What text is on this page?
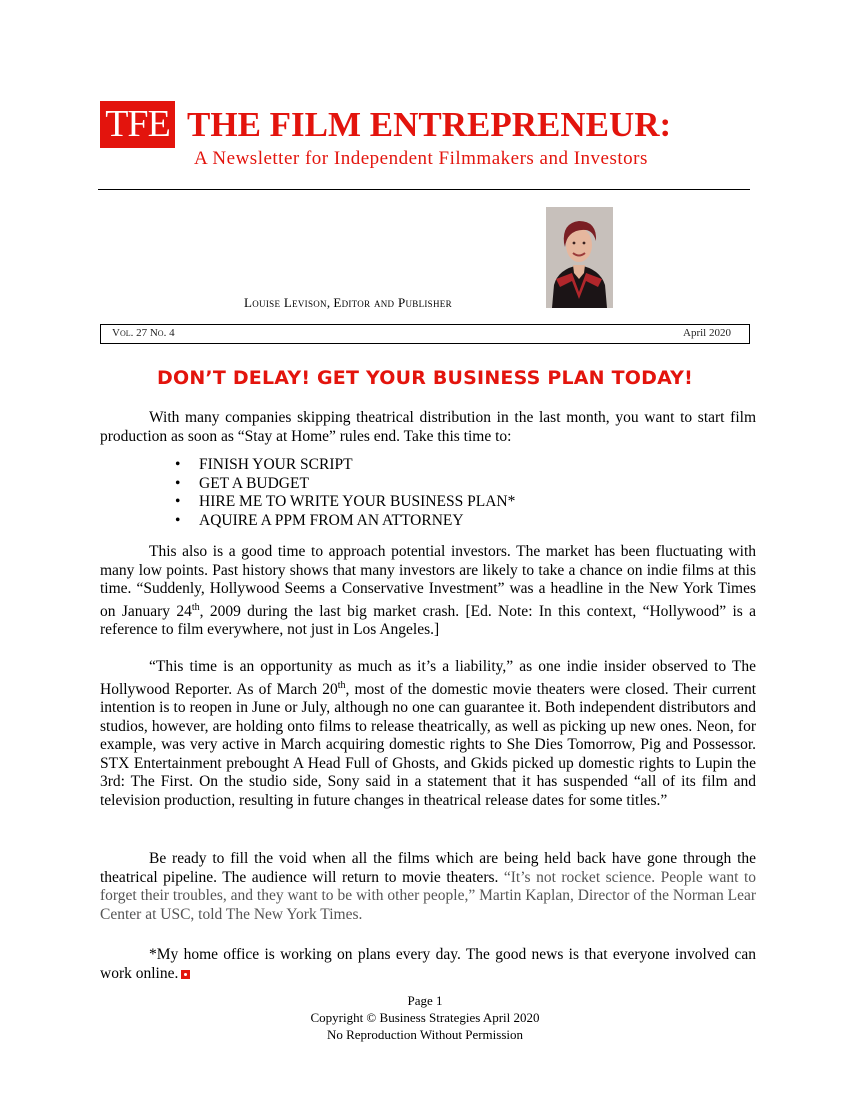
TFE THE FILM ENTREPRENEUR:
A Newsletter for Independent Filmmakers and Investors
Louise Levison, Editor and Publisher
Vol. 27 No. 4	April 2020
DON’T DELAY! GET YOUR BUSINESS PLAN TODAY!

With many companies skipping theatrical distribution in the last month, you want to start film production as soon as “Stay at Home” rules end. Take this time to:

• FINISH YOUR SCRIPT
• GET A BUDGET
• HIRE ME TO WRITE YOUR BUSINESS PLAN*
• AQUIRE A PPM FROM AN ATTORNEY

This also is a good time to approach potential investors. The market has been fluctuating with many low points. Past history shows that many investors are likely to take a chance on indie films at this time. “Suddenly, Hollywood Seems a Conservative Investment” was a headline in the New York Times on January 24th, 2009 during the last big market crash. [Ed. Note: In this context, “Hollywood” is a reference to film everywhere, not just in Los Angeles.]

“This time is an opportunity as much as it’s a liability,” as one indie insider observed to The Hollywood Reporter. As of March 20th, most of the domestic movie theaters were closed. Their current intention is to reopen in June or July, although no one can guarantee it. Both independent distributors and studios, however, are holding onto films to release theatrically, as well as picking up new ones. Neon, for example, was very active in March acquiring domestic rights to She Dies Tomorrow, Pig and Possessor. STX Entertainment prebought A Head Full of Ghosts, and Gkids picked up domestic rights to Lupin the 3rd: The First. On the studio side, Sony said in a statement that it has suspended “all of its film and television production, resulting in future changes in theatrical release dates for some titles.”

Be ready to fill the void when all the films which are being held back have gone through the theatrical pipeline. The audience will return to movie theaters. “It’s not rocket science. People want to forget their troubles, and they want to be with other people,” Martin Kaplan, Director of the Norman Lear Center at USC, told The New York Times.

*My home office is working on plans every day. The good news is that everyone involved can work online.

Page 1
Copyright © Business Strategies April 2020
No Reproduction Without Permission
